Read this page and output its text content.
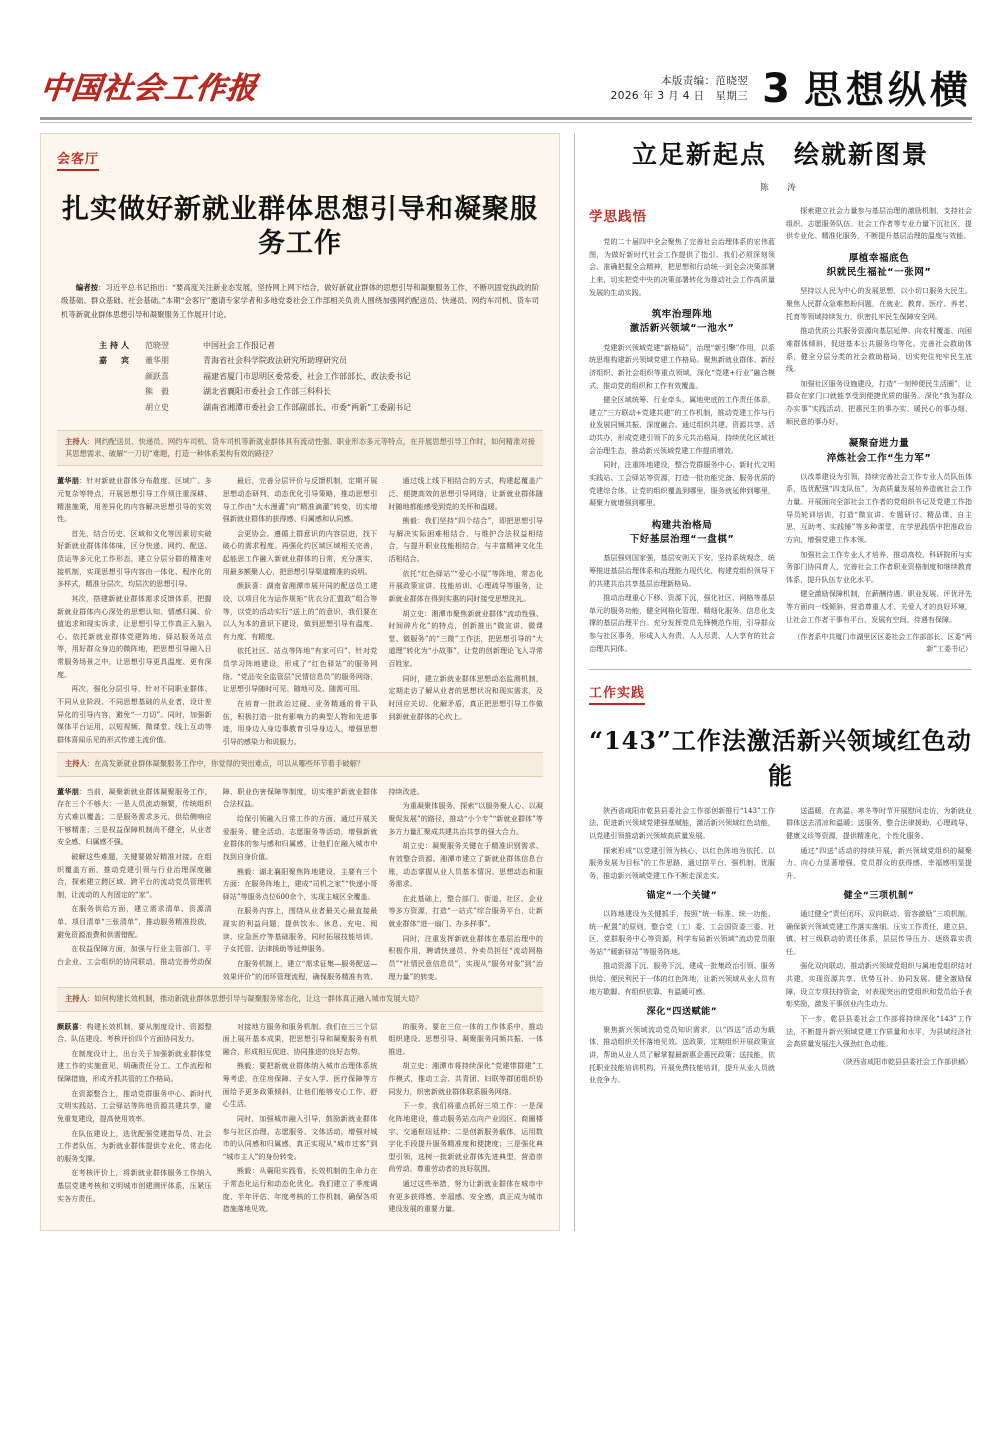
中国社会工作报	本版责编：范晓翌
2026 年 3 月 4 日　星期三 3 思想纵横
会客厅
扎实做好新就业群体思想引导和凝聚服务工作
编者按：习近平总书记指出：“要高度关注新业态发展，坚持网上网下结合，做好新就业群体的思想引导和凝聚服务工作，不断巩固党执政的阶级基础、群众基础、社会基础。”本期“会客厅”邀请专家学者和多地党委社会工作部相关负责人围绕加强网约配送员、快递员、网约车司机、货车司机等新就业群体思想引导和凝聚服务工作展开讨论。
主持人	范晓翌	中国社会工作报记者
嘉　宾	董华朋	青海省社会科学院政法研究所助理研究员
颜跃喜	福建省厦门市思明区委常委、社会工作部部长、政法委书记
熊　毅	湖北省襄阳市委社会工作部三科科长
胡立史	湖南省湘潭市委社会工作部副部长、市委“两新”工委副书记
主持人：网约配送员、快递员、网约车司机、货车司机等新就业群体具有流动性强、职业形态多元等特点，在开展思想引导工作时，如何精准对接其思想需求、破解“一刀切”难题，打造一种体系架构有效的路径？

董华朋：针对新就业群体分布散度、区域广、多元复杂等特点，开展思想引导工作须注重深耕、精准施策，用差异化的内容解决思想引导的实效性。

首先，结合历史、区域和文化等因素切实破好新就业群体体体味，区分快递、网约、配送、货运等多元化工作形态，建立分层分群的精准对接机制，实现思想引导内容由一体化、程序化的多样式，精准分层次，均层次的思想引导。

其次，搭建新就业群体需求反馈体系，把握新就业群体内心深处的思想认知、情感归属、价值追求和现实诉求，让思想引导工作真正入脑入心。依托新就业群体党建阵地、驿站服务站点等，用好群众身边的微阵地，把思想引导融入日常服务场景之中，让思想引导更具温度、更有深度。

再次，强化分层引导，针对不同职业群体、不同从业阶段、不同思想基础的从业者，设计差异化的引导内容，避免“一刀切”。同时，加强新媒体平台运用，以短视频、微课堂、线上互动等群体喜闻乐见的形式传递主流价值。

最后，完善分层评价与反馈机制，定期开展思想动态研判，动态优化引导策略，推动思想引导工作由“大水漫灌”向“精准滴灌”转变，切实增强新就业群体的获得感、归属感和认同感。

会更协会。遵循上群意识的内容层进，找下破心的需求程度。再强化约区域区域相关完善，起能思工作融入新就业群体的日常，充分落实，用最多额聚人心，把思想引导渠道精准的说明。

颜跃喜：湖南省湘潭市展开同的配送员工建设，以项目化为运作规矩“优衣分汇盟政”组合等等，以党的活动实行“送上的”的意识，我们要在以人为本的意识下建设，做到思想引导有温度、有力度、有精度。

依托社区、站点等阵地“有家可归”、针对党员学习阵地建设，形成了“红色驿站”的服务网络。“党品安全监管层”民情信息员”的服务网络，让思想引导随时可见、随地可及、随需可用。

在培育一批政治过硬、业务精通的骨干队伍，积极打造一批有影响力的典型人物和先进事迹，用身边人身边事教育引导身边人，增强思想引导的感染力和说服力。

通过线上线下相结合的方式，构建起覆盖广泛、便捷高效的思想引导网络，让新就业群体随时随地都能感受到党的关怀和温暖。

熊毅：我们坚持“四个结合”，即把思想引导与解决实际困难相结合，与维护合法权益相结合，与提升职业技能相结合，与丰富精神文化生活相结合。

依托“红色驿站”“爱心小屋”等阵地，常态化开展政策宣讲、技能培训、心理疏导等服务，让新就业群体在得到实惠的同时接受思想洗礼。

胡立史：湘潭市聚焦新就业群体“流动性强、时间碎片化”的特点，创新推出“微宣讲、微课堂、微服务”的“三微”工作法，把思想引导的“大道理”转化为“小故事”，让党的创新理论飞入寻常百姓家。

同时，建立新就业群体思想动态监测机制，定期走访了解从业者的思想状况和现实需求，及时回应关切、化解矛盾，真正把思想引导工作做到新就业群体的心坎上。

主持人：在高发新就业群体凝聚服务工作中，你觉得的突出难点，可以从哪些环节着手破解？

董华朋：当前，凝聚新就业群体凝聚服务工作，存在三个不够大：一是人员流动频繁，传统组织方式难以覆盖；二是服务需求多元，供给侧响应不够精准；三是权益保障机制尚不健全，从业者安全感、归属感不强。

破解这些难题，关键要做好精准对接。在组织覆盖方面，推动党建引领与行业治理深度融合，探索建立跨区域、跨平台的流动党员管理机制，让流动的人有固定的“家”。

在服务供给方面，建立需求清单、资源清单、项目清单“三张清单”，推动服务精准投放，避免资源浪费和供需错配。

在权益保障方面，加强与行业主管部门、平台企业、工会组织的协同联动，推动完善劳动保障、职业伤害保障等制度，切实维护新就业群体合法权益。

给保引领融入日常工作的方面，通过开展关爱服务、健全活动、志愿服务等活动，增强新就业群体的参与感和归属感，让他们在融入城市中找到自身价值。

熊毅：湖北襄阳聚焦阵地建设，主要有三个方面：在服务阵地上，建成“司机之家”“快递小哥驿站”等服务点位600余个，实现主城区全覆盖。

在服务内容上，围绕从业者最关心最直接最现实的利益问题，提供饮水、休息、充电、阅读、应急医疗等基础服务，同时拓展技能培训、子女托管、法律援助等延伸服务。

在服务机制上，建立“需求征集—服务配送—效果评价”的闭环管理流程，确保服务精准有效、持续改进。

为重凝聚体服务，探索“以服务聚人心、以凝聚促发展”的路径，推动“小个专”“新就业群体”等多方力量汇聚成共建共治共享的强大合力。

胡立史：凝聚服务关键在于精准识别需求、有效整合资源。湘潭市建立了新就业群体信息台账，动态掌握从业人员基本情况、思想动态和服务需求。

在此基础上，整合部门、街道、社区、企业等多方资源，打造“一站式”综合服务平台，让新就业群体“进一扇门、办多样事”。

同时，注重发挥新就业群体在基层治理中的积极作用，聘请快递员、外卖员担任“流动网格员”“社情民意信息员”，实现从“服务对象”到“治理力量”的转变。

主持人：如何构建长效机制，推动新就业群体思想引导与凝聚服务常态化，让这一群体真正融入城市发展大局？

颜跃喜：构建长效机制，要从制度设计、资源整合、队伍建设、考核评价四个方面协同发力。

在制度设计上，出台关于加强新就业群体党建工作的实施意见，明确责任分工、工作流程和保障措施，形成齐抓共管的工作格局。

在资源整合上，推动党群服务中心、新时代文明实践站、工会驿站等阵地资源共建共享，避免重复建设，提高使用效率。

在队伍建设上，选优配强党建指导员、社会工作者队伍，为新就业群体提供专业化、常态化的服务支撑。

在考核评价上，将新就业群体服务工作纳入基层党建考核和文明城市创建测评体系，压紧压实各方责任。

对接地方服务和服务机制。我们在三三个层面上展开基本成果，把思想引导和凝聚服务有机融合，形成相互促进、协同推进的良好态势。

熊毅：要把新就业群体纳入城市治理体系统筹考虑，在住房保障、子女入学、医疗保障等方面给予更多政策倾斜，让他们能够安心工作、舒心生活。

同时，加强城市融入引导，鼓励新就业群体参与社区治理、志愿服务、文体活动，增强对城市的认同感和归属感，真正实现从“城市过客”到“城市主人”的身份转变。

熊毅：从襄阳实践看，长效机制的生命力在于常态化运行和动态化优化。我们建立了季度调度、半年评估、年度考核的工作机制，确保各项措施落地见效。

的服务。要在三位一体的工作体系中，推动组织建设、思想引导、凝聚服务同频共振、一体推进。

胡立史：湘潭市将持续深化“党建带群建”工作模式，推动工会、共青团、妇联等群团组织协同发力，织密新就业群体联系服务网络。

下一步，我们将重点抓好三项工作：一是深化阵地建设，推动服务站点向产业园区、商圈楼宇、交通枢纽延伸；二是创新服务载体，运用数字化手段提升服务精准度和便捷度；三是强化典型引领，选树一批新就业群体先进典型，营造崇尚劳动、尊重劳动者的良好氛围。

通过这些举措，努力让新就业群体在城市中有更多获得感、幸福感、安全感，真正成为城市建设发展的重要力量。

立足新起点　绘就新图景
陈　涛
学思践悟

党的二十届四中全会聚焦了完善社会治理体系的宏伟蓝图，为做好新时代社会工作提供了指引。我们必须深刻领会、准确把握全会精神，把思想和行动统一到全会决策部署上来，切实把党中央的决策部署转化为推动社会工作高质量发展的生动实践。

筑牢治理阵地
激活新兴领域“一池水”

党建新兴领域党建“新格局”，治理“新引擎”作用，以系统思维构建新兴领域党建工作格局。聚焦新就业群体、新经济组织、新社会组织等重点领域，深化“党建+行业”融合模式，推动党的组织和工作有效覆盖。

健全区域统筹、行业牵头、属地兜底的工作责任体系，建立“三方联动+党建共建”的工作机制，推动党建工作与行业发展同频共振、深度融合。通过组织共建、资源共享、活动共办，形成党建引领下的多元共治格局，持续优化区域社会治理生态，推动新兴领域党建工作提质增效。

同时，注重阵地建设，整合党群服务中心、新时代文明实践站、工会驿站等资源，打造一批功能完备、服务优质的党建综合体，让党的组织覆盖到哪里，服务就延伸到哪里，凝聚力就增强到哪里。

构建共治格局
下好基层治理“一盘棋”

基层强则国家强，基层安则天下安。坚持系统观念，统筹推进基层治理体系和治理能力现代化，构建党组织领导下的共建共治共享基层治理新格局。

推动治理重心下移、资源下沉，强化社区、网格等基层单元的服务功能，健全网格化管理、精细化服务、信息化支撑的基层治理平台。充分发挥党员先锋模范作用，引导群众参与社区事务，形成人人有责、人人尽责、人人享有的社会治理共同体。

探索建立社会力量参与基层治理的激励机制，支持社会组织、志愿服务队伍、社会工作者等专业力量下沉社区，提供专业化、精准化服务，不断提升基层治理的温度与效能。

厚植幸福底色
织就民生福祉“一张网”

坚持以人民为中心的发展思想，以小切口服务大民生。聚焦人民群众急难愁盼问题，在就业、教育、医疗、养老、托育等领域持续发力，织密扎牢民生保障安全网。

推动优质公共服务资源向基层延伸、向农村覆盖、向困难群体倾斜，促进基本公共服务均等化。完善社会救助体系，健全分层分类的社会救助格局，切实兜住兜牢民生底线。

加强社区服务设施建设，打造“一刻钟便民生活圈”，让群众在家门口就能享受到便捷优质的服务。深化“我为群众办实事”实践活动，把惠民生的事办实、暖民心的事办细、顺民意的事办好。

凝聚奋进力量
淬炼社会工作“生力军”

以改革建设为引领，持续完善社会工作专业人员队伍体系，选优配强“四支队伍”，为高质量发展培养造就社会工作力量。开展面向全部社会工作者的党组织书记及党建工作指导员轮训培训，打造“微宣讲、专题研讨、精品课、自主思、互助考、实践锤”等多种课堂，在学思践悟中把准政治方向、增强党建工作本领。

加强社会工作专业人才培养，推动高校、科研院所与实务部门协同育人，完善社会工作者职业资格制度和继续教育体系，提升队伍专业化水平。

健全激励保障机制，在薪酬待遇、职业发展、评优评先等方面向一线倾斜，营造尊重人才、关爱人才的良好环境，让社会工作者干事有平台、发展有空间、待遇有保障。

（作者系中共厦门市湖里区区委社会工作部部长、区委“两新”工委书记）
工作实践
“143”工作法激活新兴领域红色动能

陕西省咸阳市乾县县委社会工作部创新推行“143”工作法，促进新兴领域党建强基赋能，激活新兴领域红色动能，以党建引领推动新兴领域高质量发展。

探索形成“以党建引领为核心、以红色阵地为依托、以服务发展为目标”的工作思路，通过搭平台、强机制、优服务，推动新兴领域党建工作不断走深走实。

锚定“一个关键”

以阵地建设为关键抓手，按照“统一标准、统一功能、统一配置”的原则，整合党（工）委、工会国资委三委、社区、党群服务中心等资源，科学布局新兴领域“流动党员服务站”“暖新驿站”等服务阵地。

推动资源下沉、服务下沉，建成一批集政治引领、服务供给、便民利民于一体的红色阵地，让新兴领域从业人员有地方歇脚、有组织依靠、有温暖可感。

深化“四送赋能”

聚焦新兴领域流动党员知识需求，以“四送”活动为载体，推动组织关怀落地见效。送政策，定期组织开展政策宣讲，帮助从业人员了解掌握最新惠企惠民政策；送技能，依托职业技能培训机构，开展免费技能培训，提升从业人员就业竞争力。

送温暖，在高温、寒冬等时节开展慰问走访，为新就业群体送去清凉和温暖；送服务，整合法律援助、心理疏导、健康义诊等资源，提供精准化、个性化服务。

通过“四送”活动的持续开展，新兴领域党组织的凝聚力、向心力显著增强，党员群众的获得感、幸福感明显提升。

健全“三项机制”

通过健全“责任闭环、双向联动、管容激励”三项机制，确保新兴领域党建工作落实落细。压实工作责任，建立县、镇、村三级联动的责任体系，层层传导压力、逐级靠实责任。

强化双向联动，推动新兴领域党组织与属地党组织结对共建，实现资源共享、优势互补、协同发展。健全激励保障，设立专项扶持资金，对表现突出的党组织和党员给予表彰奖励，激发干事创业内生动力。

下一步，乾县县委社会工作部将持续深化“143”工作法，不断提升新兴领域党建工作质量和水平，为县域经济社会高质量发展注入强劲红色动能。

（陕西省咸阳市乾县县委社会工作部供稿）
